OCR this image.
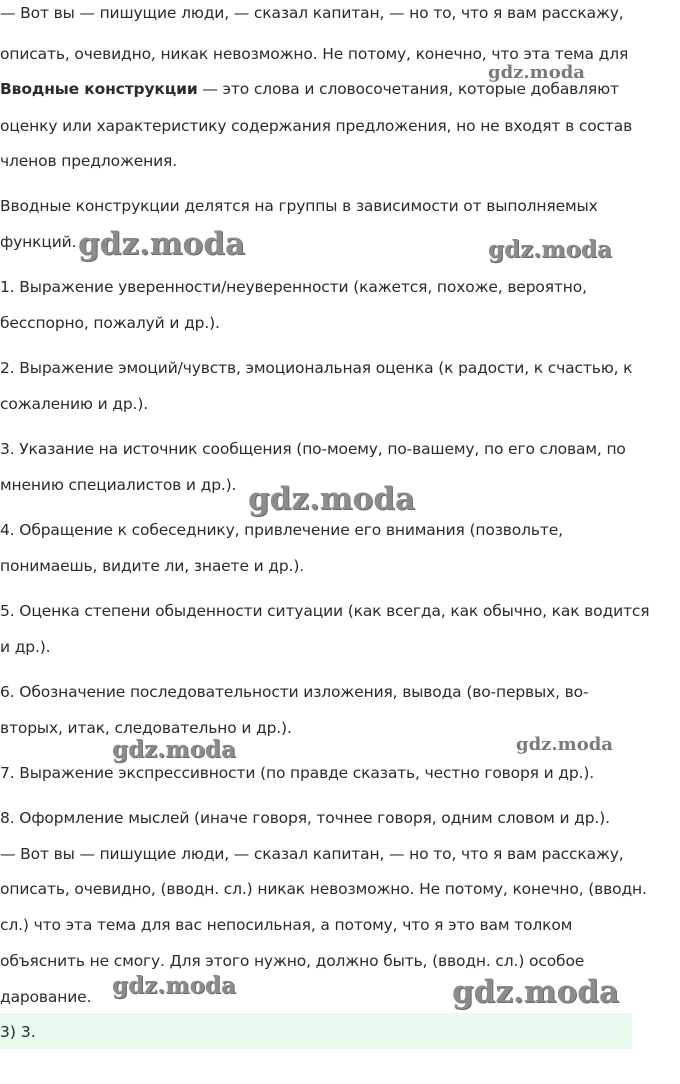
— Вот вы — пишущие люди, — сказал капитан, — но то, что я вам расскажу,
описать, очевидно, никак невозможно. Не потому, конечно, что эта тема для
Вводные конструкции — это слова и словосочетания, которые добавляют
оценку или характеристику содержания предложения, но не входят в состав
членов предложения.
Вводные конструкции делятся на группы в зависимости от выполняемых
функций.
1. Выражение уверенности/неуверенности (кажется, похоже, вероятно,
бесспорно, пожалуй и др.).
2. Выражение эмоций/чувств, эмоциональная оценка (к радости, к счастью, к
сожалению и др.).
3. Указание на источник сообщения (по-моему, по-вашему, по его словам, по
мнению специалистов и др.).
4. Обращение к собеседнику, привлечение его внимания (позвольте,
понимаешь, видите ли, знаете и др.).
5. Оценка степени обыденности ситуации (как всегда, как обычно, как водится
и др.).
6. Обозначение последовательности изложения, вывода (во-первых, во-
вторых, итак, следовательно и др.).
7. Выражение экспрессивности (по правде сказать, честно говоря и др.).
8. Оформление мыслей (иначе говоря, точнее говоря, одним словом и др.).
— Вот вы — пишущие люди, — сказал капитан, — но то, что я вам расскажу,
описать, очевидно, (вводн. сл.) никак невозможно. Не потому, конечно, (вводн.
сл.) что эта тема для вас непосильная, а потому, что я это вам толком
объяснить не смогу. Для этого нужно, должно быть, (вводн. сл.) особое
дарование.
3) 3.
gdz.moda
gdz.moda	gdz.moda
gdz.moda
gdz.moda	gdz.moda
gdz.moda	gdz.moda
